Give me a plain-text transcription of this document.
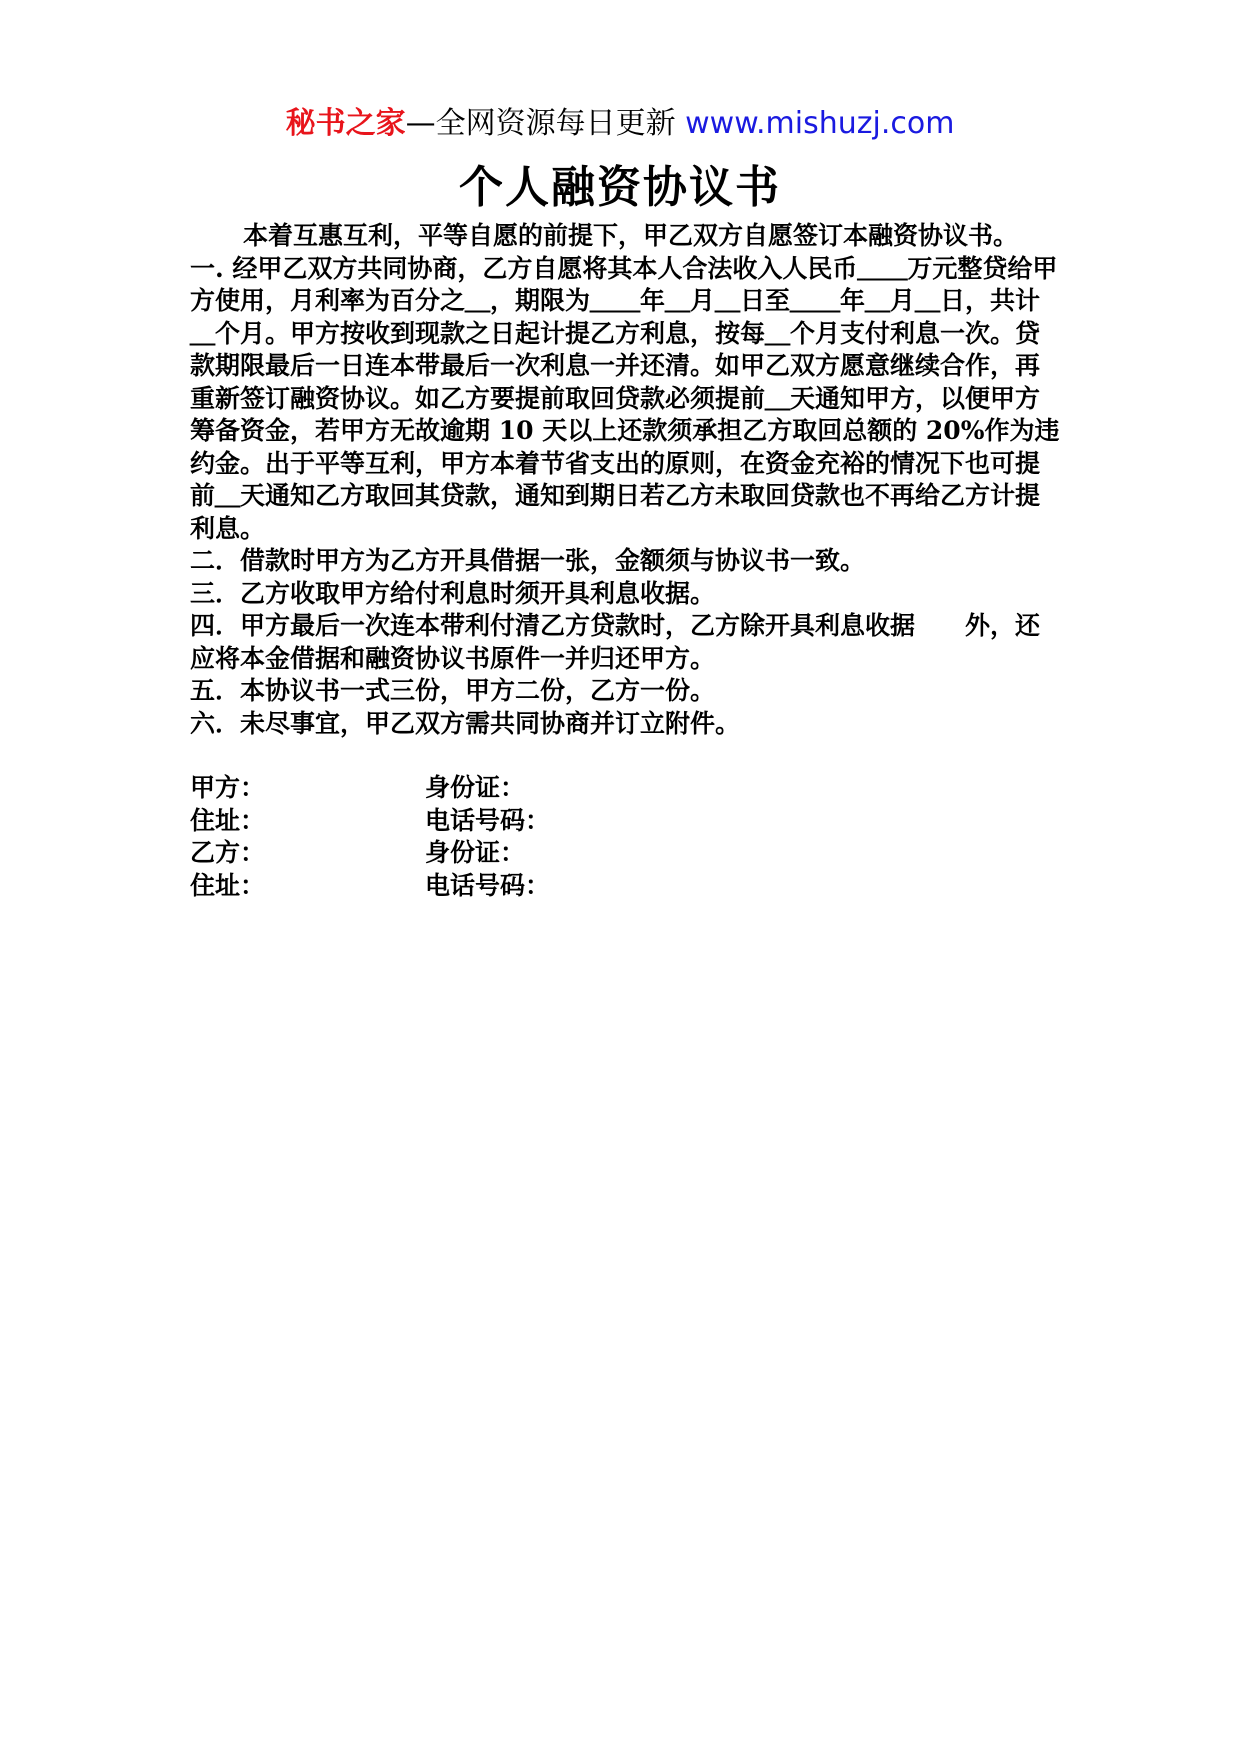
秘书之家—全网资源每日更新 www.mishuzj.com
个人融资协议书

本着互惠互利，平等自愿的前提下，甲乙双方自愿签订本融资协议书。

一. 经甲乙双方共同协商，乙方自愿将其本人合法收入人民币＿＿万元整贷给甲方使用，月利率为百分之＿，期限为＿＿年＿月＿日至＿＿年＿月＿日，共计＿个月。甲方按收到现款之日起计提乙方利息，按每＿个月支付利息一次。贷款期限最后一日连本带最后一次利息一并还清。如甲乙双方愿意继续合作，再重新签订融资协议。如乙方要提前取回贷款必须提前＿天通知甲方，以便甲方筹备资金，若甲方无故逾期 10 天以上还款须承担乙方取回总额的 20%作为违约金。出于平等互利，甲方本着节省支出的原则，在资金充裕的情况下也可提前＿天通知乙方取回其贷款，通知到期日若乙方未取回贷款也不再给乙方计提利息。

二．借款时甲方为乙方开具借据一张，金额须与协议书一致。

三．乙方收取甲方给付利息时须开具利息收据。

四．甲方最后一次连本带利付清乙方贷款时，乙方除开具利息收据　　外，还应将本金借据和融资协议书原件一并归还甲方。

五．本协议书一式三份，甲方二份，乙方一份。

六．未尽事宜，甲乙双方需共同协商并订立附件。

甲方：	身份证：
住址：	电话号码：
乙方：	身份证：
住址：	电话号码：
